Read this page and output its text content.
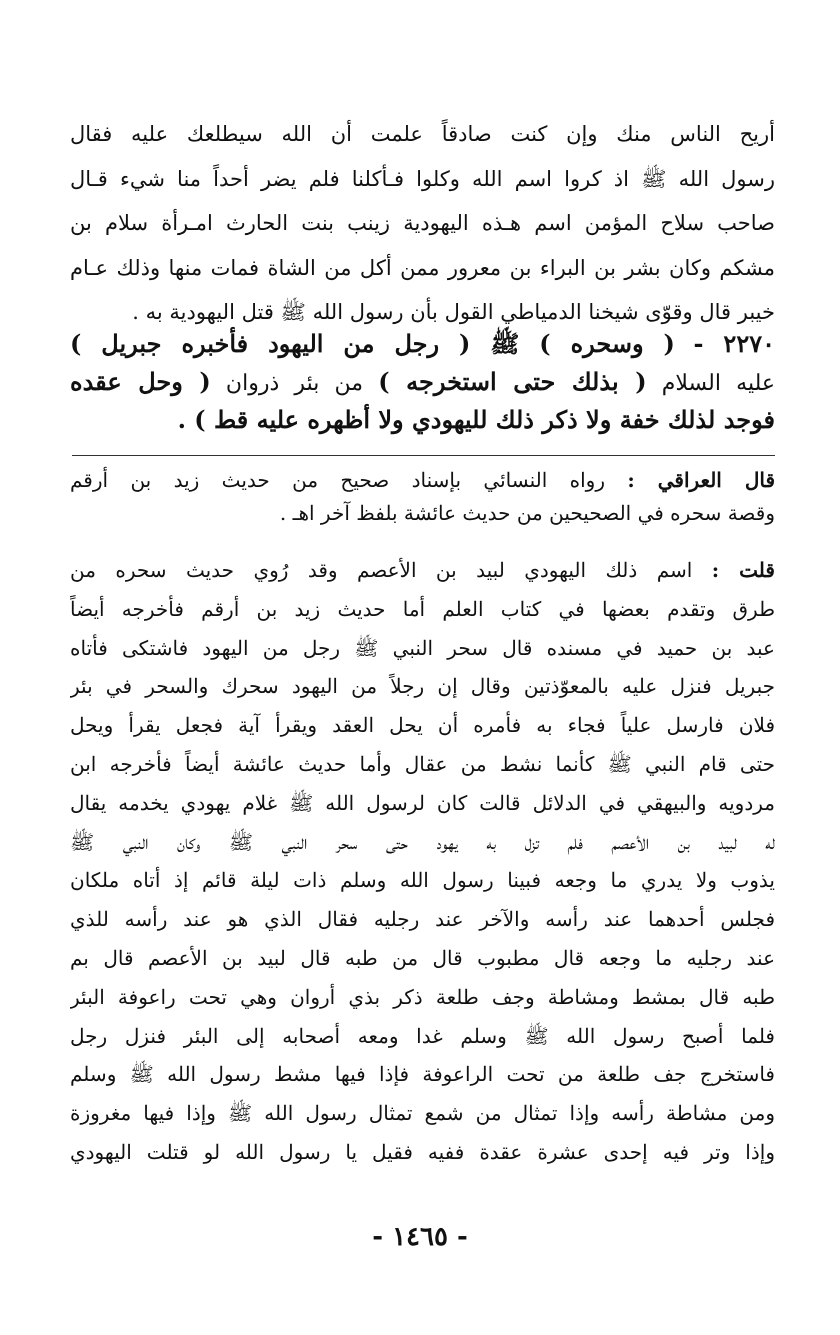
أريح الناس منك وإن كنت صادقاً علمت أن الله سيطلعك عليه فقال
رسول الله ﷺ اذ كروا اسم الله وكلوا فـأكلنا فلم يضر أحداً منا شيء قـال
صاحب سلاح المؤمن اسم هـذه اليهودية زينب بنت الحارث امـرأة سلام بن
مشكم وكان بشر بن البراء بن معرور ممن أكل من الشاة فمات منها وذلك عـام
خيبر قال وقوّى شيخنا الدمياطي القول بأن رسول الله ﷺ قتل اليهودية به .
٢٢٧٠ - ( وسحره ) ﷺ ( رجل من اليهود فأخبره جبريل )
عليه السلام ( بذلك حتى استخرجه ) من بئر ذروان ( وحل عقده
فوجد لذلك خفة ولا ذكر ذلك لليهودي ولا أظهره عليه قط ) .
قال العراقي : رواه النسائي بإسناد صحيح من حديث زيد بن أرقم
وقصة سحره في الصحيحين من حديث عائشة بلفظ آخر اهـ .
قلت : اسم ذلك اليهودي لبيد بن الأعصم وقد رُوي حديث سحره من
طرق وتقدم بعضها في كتاب العلم أما حديث زيد بن أرقم فأخرجه أيضاً
عبد بن حميد في مسنده قال سحر النبي ﷺ رجل من اليهود فاشتكى فأتاه
جبريل فنزل عليه بالمعوّذتين وقال إن رجلاً من اليهود سحرك والسحر في بئر
فلان فارسل علياً فجاء به فأمره أن يحل العقد ويقرأ آية فجعل يقرأ ويحل
حتى قام النبي ﷺ كأنما نشط من عقال وأما حديث عائشة أيضاً فأخرجه ابن
مردويه والبيهقي في الدلائل قالت كان لرسول الله ﷺ غلام يهودي يخدمه يقال
له لبيد بن الأعصم فلم تزل به يهود حتى سحر النبي ﷺ وكان النبي ﷺ
يذوب ولا يدري ما وجعه فبينا رسول الله وسلم ذات ليلة قائم إذ أتاه ملكان
فجلس أحدهما عند رأسه والآخر عند رجليه فقال الذي هو عند رأسه للذي
عند رجليه ما وجعه قال مطبوب قال من طبه قال لبيد بن الأعصم قال بم
طبه قال بمشط ومشاطة وجف طلعة ذكر بذي أروان وهي تحت راعوفة البئر
فلما أصبح رسول الله ﷺ وسلم غدا ومعه أصحابه إلى البئر فنزل رجل
فاستخرج جف طلعة من تحت الراعوفة فإذا فيها مشط رسول الله ﷺ وسلم
ومن مشاطة رأسه وإذا تمثال من شمع تمثال رسول الله ﷺ وإذا فيها مغروزة
وإذا وتر فيه إحدى عشرة عقدة ففيه فقيل يا رسول الله لو قتلت اليهودي
- ١٤٦٥ -
